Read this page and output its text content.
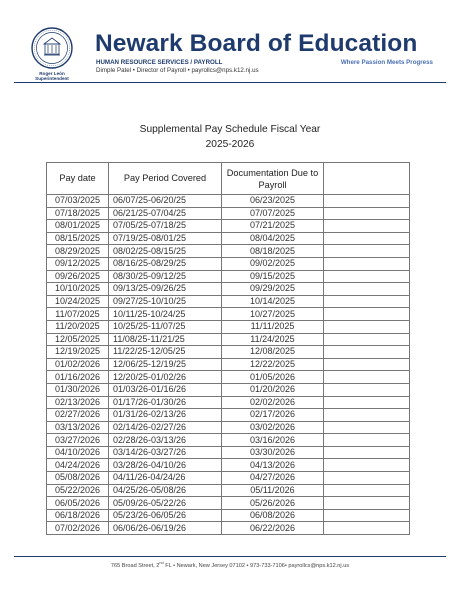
Roger León
Superintendent
Newark Board of Education
HUMAN RESOURCE SERVICES / PAYROLL	Where Passion Meets Progress
Dimple Patel • Director of Payroll • payrollcs@nps.k12.nj.us
Supplemental Pay Schedule Fiscal Year
2025-2026
Pay date	Pay Period Covered	Documentation Due to Payroll	
07/03/2025	06/07/25-06/20/25	06/23/2025	
07/18/2025	06/21/25-07/04/25	07/07/2025	
08/01/2025	07/05/25-07/18/25	07/21/2025	
08/15/2025	07/19/25-08/01/25	08/04/2025	
08/29/2025	08/02/25-08/15/25	08/18/2025	
09/12/2025	08/16/25-08/29/25	09/02/2025	
09/26/2025	08/30/25-09/12/25	09/15/2025	
10/10/2025	09/13/25-09/26/25	09/29/2025	
10/24/2025	09/27/25-10/10/25	10/14/2025	
11/07/2025	10/11/25-10/24/25	10/27/2025	
11/20/2025	10/25/25-11/07/25	11/11/2025	
12/05/2025	11/08/25-11/21/25	11/24/2025	
12/19/2025	11/22/25-12/05/25	12/08/2025	
01/02/2026	12/06/25-12/19/25	12/22/2025	
01/16/2026	12/20/25-01/02/26	01/05/2026	
01/30/2026	01/03/26-01/16/26	01/20/2026	
02/13/2026	01/17/26-01/30/26	02/02/2026	
02/27/2026	01/31/26-02/13/26	02/17/2026	
03/13/2026	02/14/26-02/27/26	03/02/2026	
03/27/2026	02/28/26-03/13/26	03/16/2026	
04/10/2026	03/14/26-03/27/26	03/30/2026	
04/24/2026	03/28/26-04/10/26	04/13/2026	
05/08/2026	04/11/26-04/24/26	04/27/2026	
05/22/2026	04/25/26-05/08/26	05/11/2026	
06/05/2026	05/09/26-05/22/26	05/26/2026	
06/18/2026	05/23/26-06/05/26	06/08/2026	
07/02/2026	06/06/26-06/19/26	06/22/2026	
765 Broad Street, 2nd FL • Newark, New Jersey 07102 • 973-733-7106• payrollcs@nps.k12.nj.us
